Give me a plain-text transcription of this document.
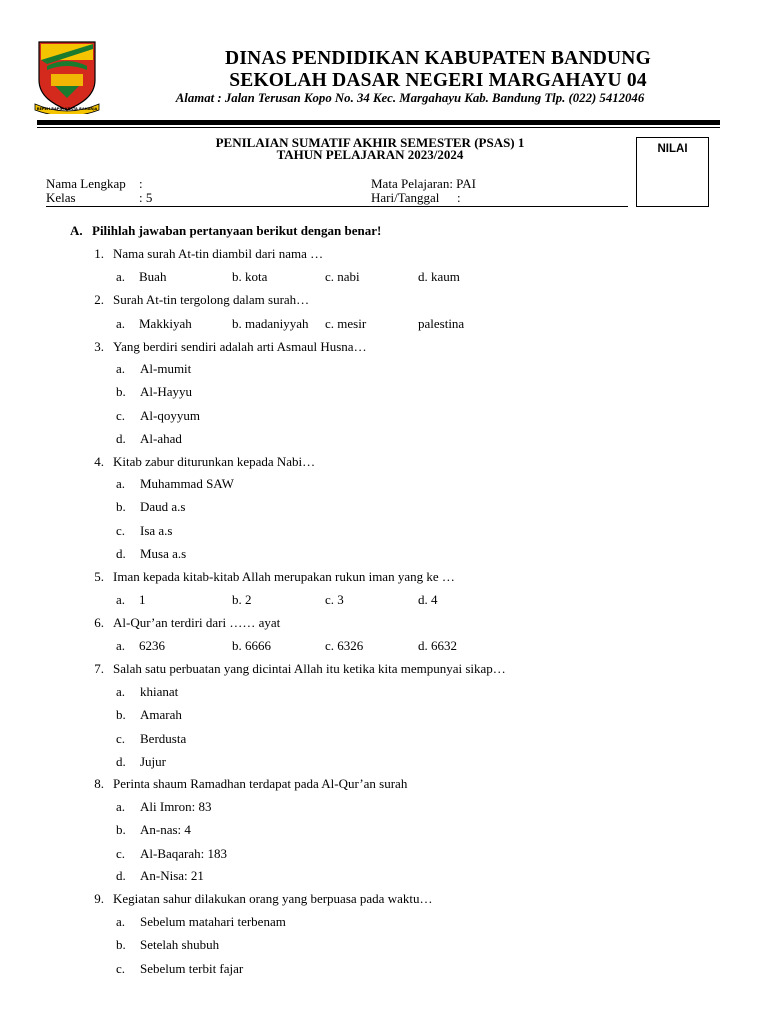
REPEH RAPIH KERTA RAHARJA
DINAS PENDIDIKAN KABUPATEN BANDUNG
SEKOLAH DASAR NEGERI MARGAHAYU 04
Alamat : Jalan Terusan Kopo No. 34 Kec. Margahayu Kab. Bandung Tlp. (022) 5412046
PENILAIAN SUMATIF AKHIR SEMESTER (PSAS) 1
TAHUN PELAJARAN 2023/2024	NILAI
Nama Lengkap :
Kelas	: 5
Mata Pelajaran: PAI
Hari/Tanggal :
A. Pilihlah jawaban pertanyaan berikut dengan benar!
1. Nama surah At-tin diambil dari nama …
a. Buah	b. kota	c. nabi	d. kaum
2. Surah At-tin tergolong dalam surah…
a. Makkiyah	b. madaniyyah c. mesir	palestina
3. Yang berdiri sendiri adalah arti Asmaul Husna…
a. Al-mumit
b. Al-Hayyu
c. Al-qoyyum
d. Al-ahad
4. Kitab zabur diturunkan kepada Nabi…
a. Muhammad SAW
b. Daud a.s
c. Isa a.s
d. Musa a.s
5. Iman kepada kitab-kitab Allah merupakan rukun iman yang ke …
a. 1	b. 2	c. 3	d. 4
6. Al-Qur’an terdiri dari …… ayat
a. 6236	b. 6666	c. 6326	d. 6632
7. Salah satu perbuatan yang dicintai Allah itu ketika kita mempunyai sikap…
a. khianat
b. Amarah
c. Berdusta
d. Jujur
8. Perinta shaum Ramadhan terdapat pada Al-Qur’an surah
a. Ali Imron: 83
b. An-nas: 4
c. Al-Baqarah: 183
d. An-Nisa: 21
9. Kegiatan sahur dilakukan orang yang berpuasa pada waktu…
a. Sebelum matahari terbenam
b. Setelah shubuh
c. Sebelum terbit fajar
